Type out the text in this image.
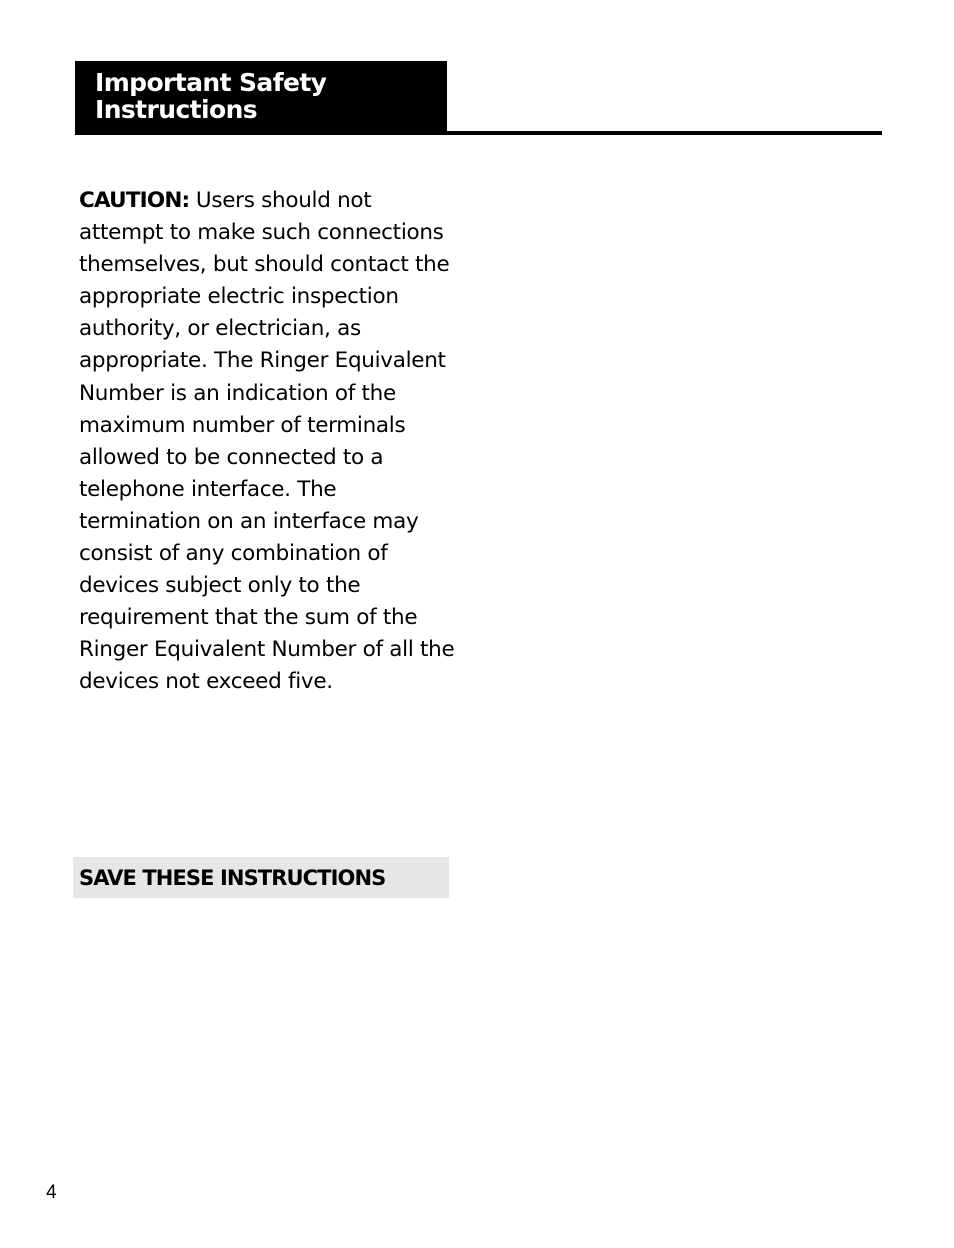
Important Safety Instructions

CAUTION: Users should not attempt to make such connections themselves, but should contact the appropriate electric inspection authority, or electrician, as appropriate. The Ringer Equivalent Number is an indication of the maximum number of terminals allowed to be connected to a telephone interface. The termination on an interface may consist of any combination of devices subject only to the requirement that the sum of the Ringer Equivalent Number of all the devices not exceed five.

SAVE THESE INSTRUCTIONS
4
